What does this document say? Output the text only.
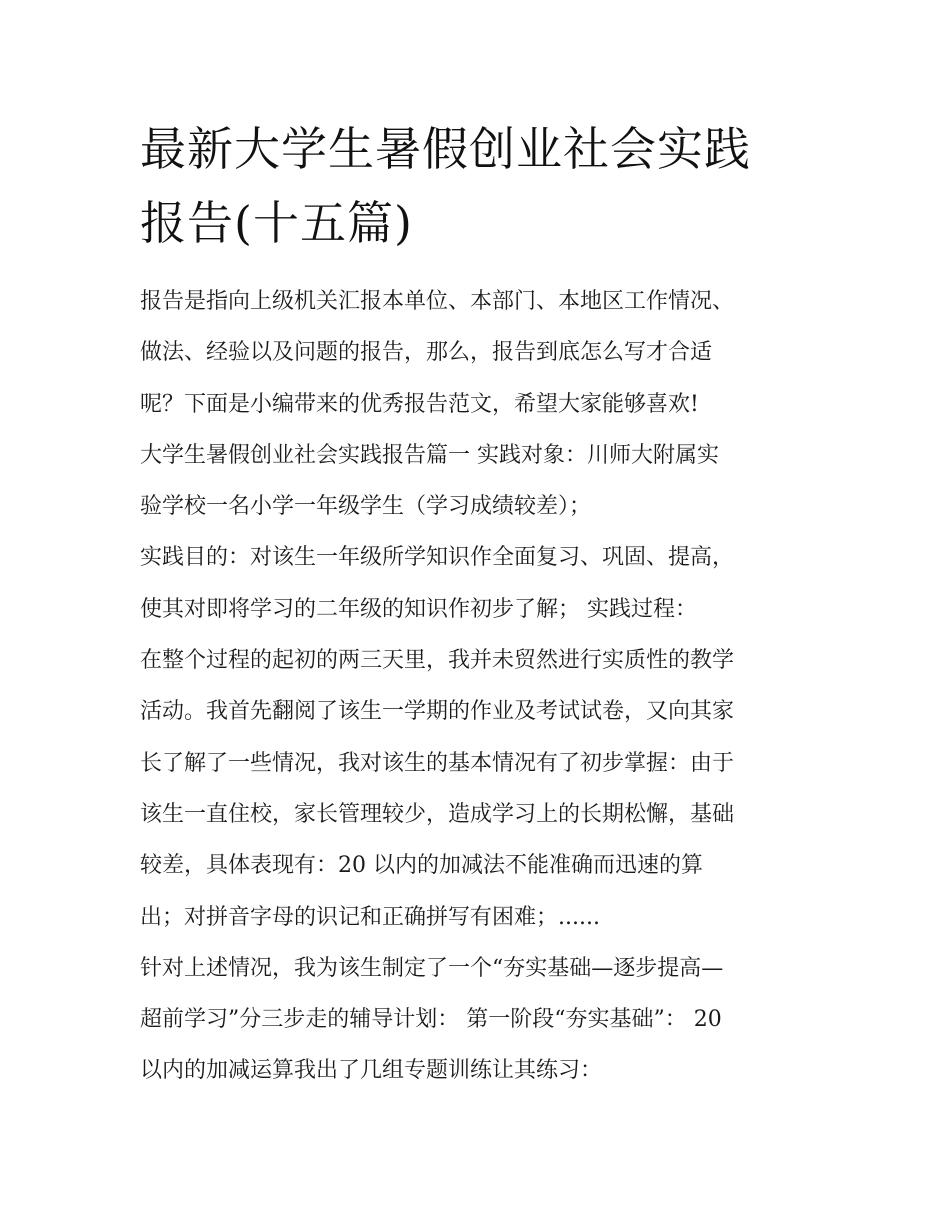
最新大学生暑假创业社会实践
报告(十五篇)
报告是指向上级机关汇报本单位、本部门、本地区工作情况、
做法、经验以及问题的报告，那么，报告到底怎么写才合适
呢？下面是小编带来的优秀报告范文，希望大家能够喜欢!
大学生暑假创业社会实践报告篇一 实践对象：川师大附属实
验学校一名小学一年级学生（学习成绩较差）；
实践目的：对该生一年级所学知识作全面复习、巩固、提高，
使其对即将学习的二年级的知识作初步了解； 实践过程：
在整个过程的起初的两三天里，我并未贸然进行实质性的教学
活动。我首先翻阅了该生一学期的作业及考试试卷，又向其家
长了解了一些情况，我对该生的基本情况有了初步掌握：由于
该生一直住校，家长管理较少，造成学习上的长期松懈，基础
较差，具体表现有：20 以内的加减法不能准确而迅速的算
出；对拼音字母的识记和正确拼写有困难；......
针对上述情况，我为该生制定了一个“夯实基础—逐步提高—
超前学习”分三步走的辅导计划： 第一阶段“夯实基础”： 20
以内的加减运算我出了几组专题训练让其练习：
